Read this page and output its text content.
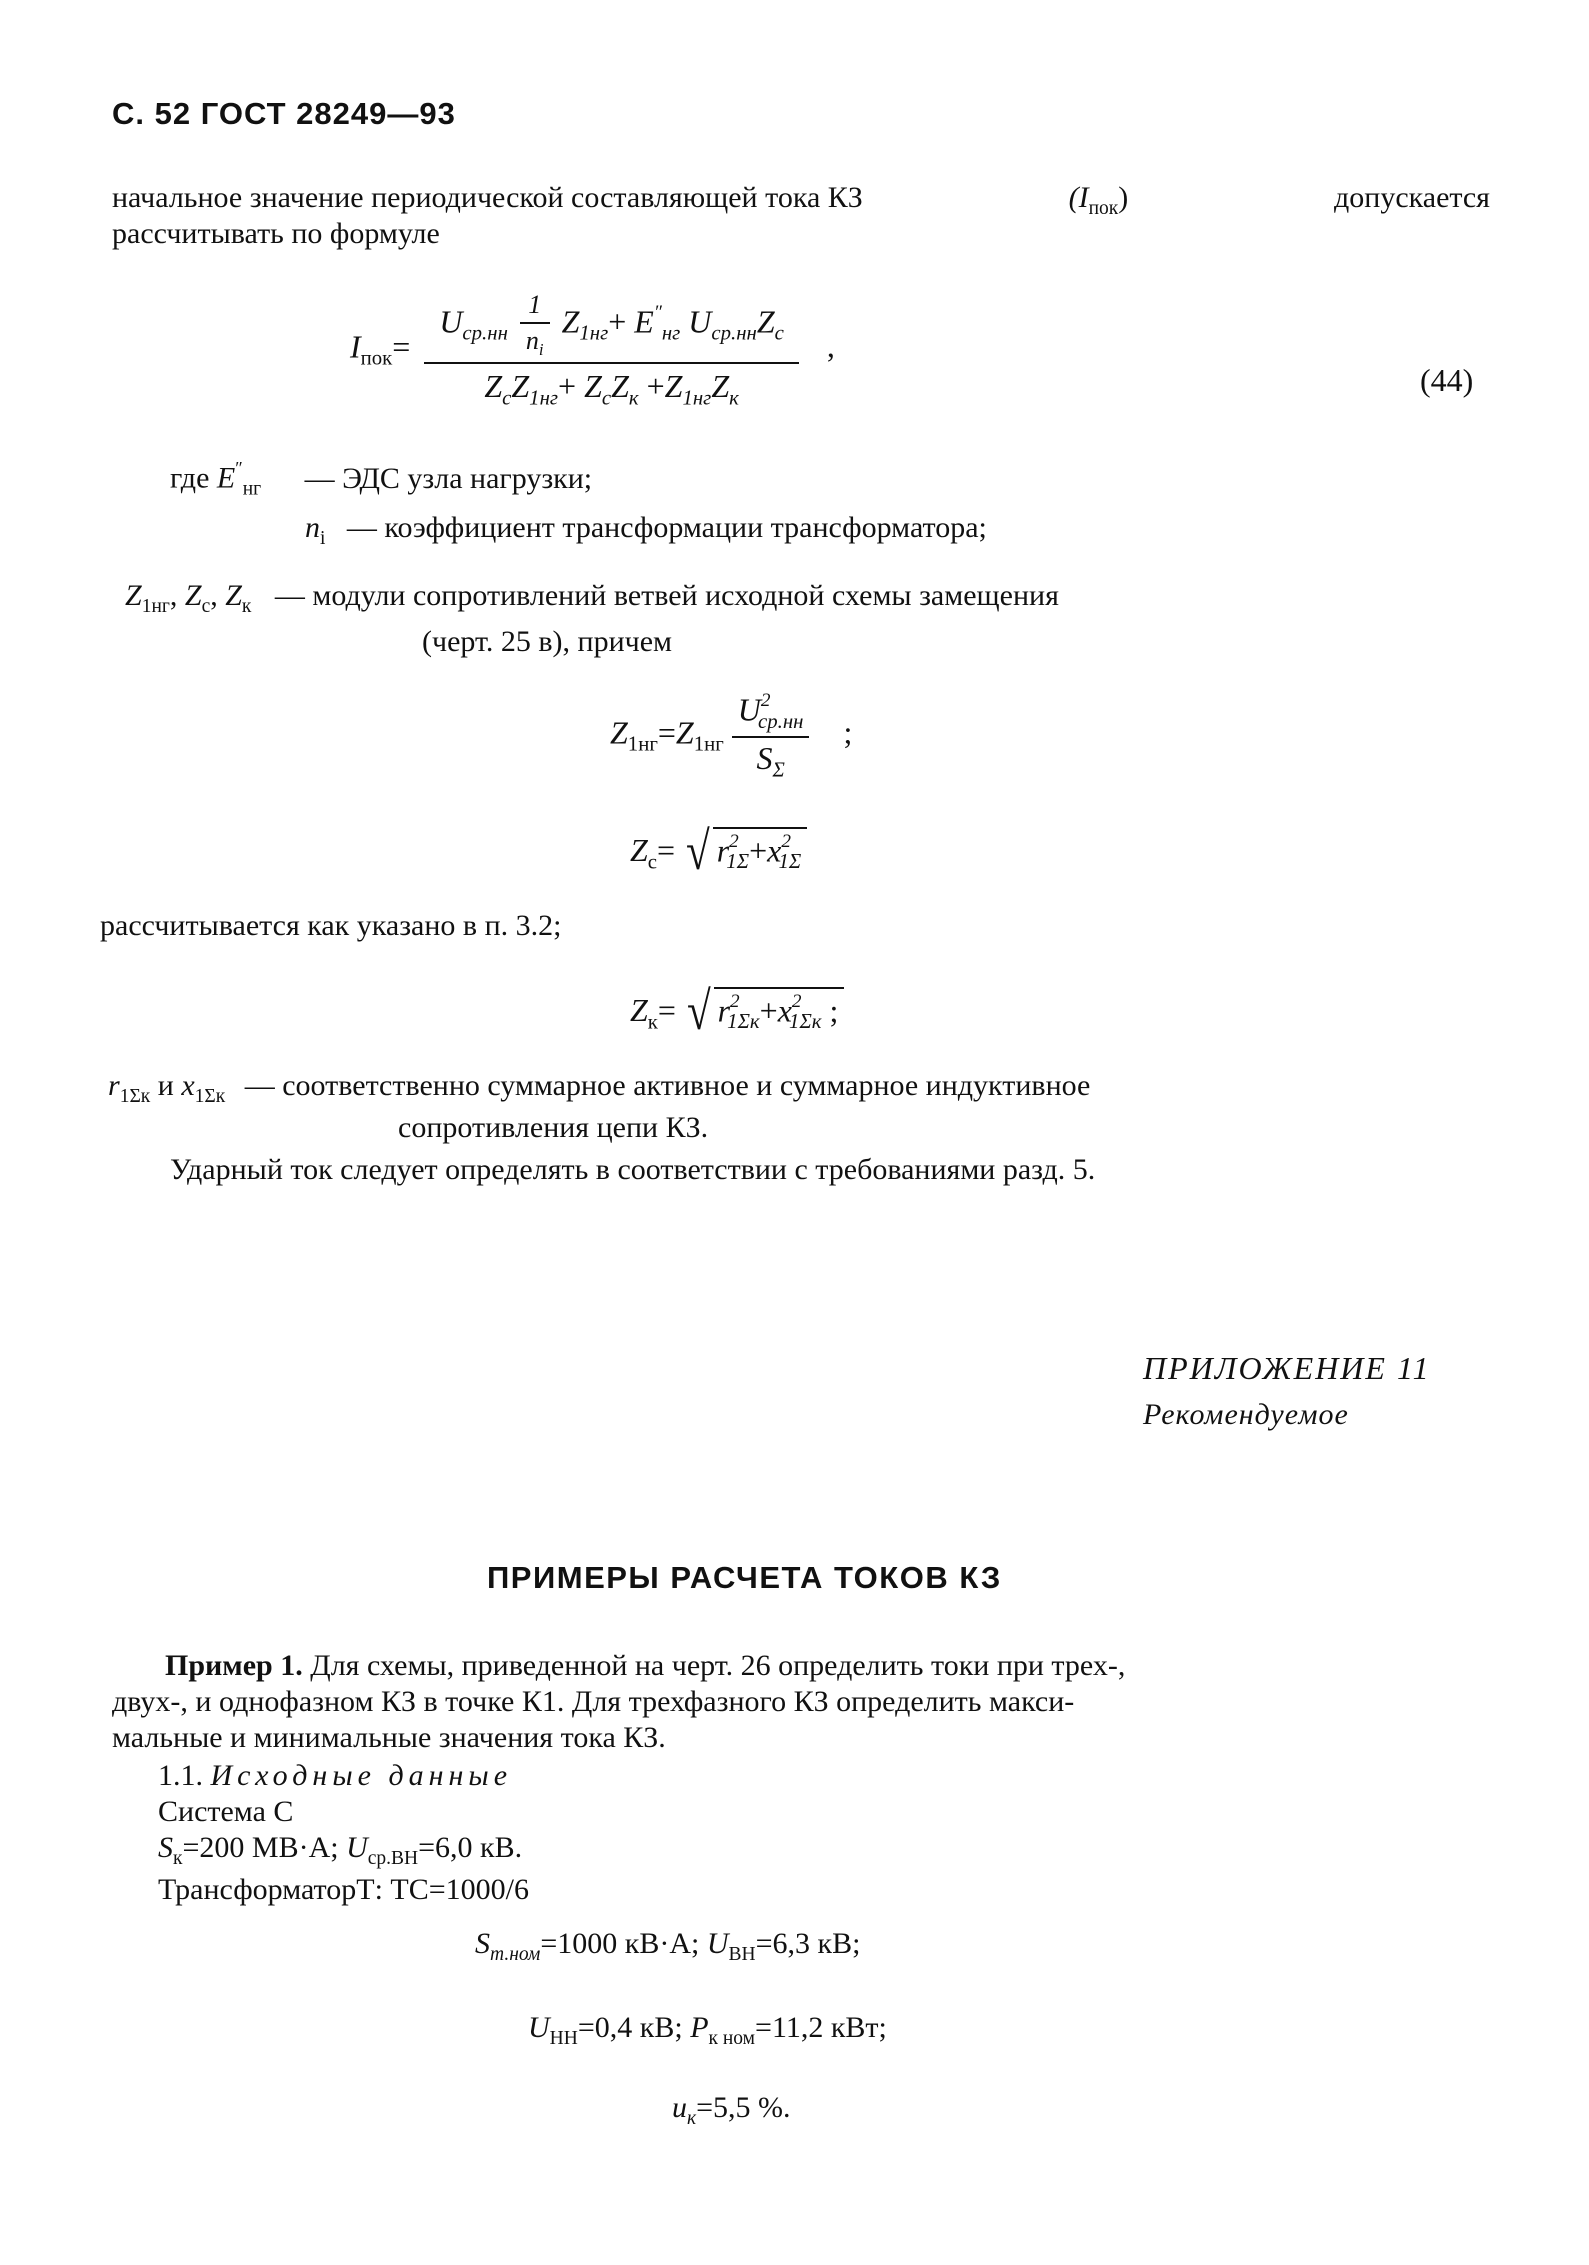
С. 52 ГОСТ 28249—93
начальное значение периодической составляющей тока КЗ	$(I_{пок})$	допускается
рассчитывать по формуле
$I_{пок}= \frac{U_{ср.нн} \frac{1}{n_i} Z_{1нг}+ E''_{нг} U_{ср.нн}Z_с}{Z_сZ_{1нг}+ Z_сZ_к +Z_{1нг}Z_к}$ ,
(44)
где $E''_{нг}$ — ЭДС узла нагрузки;
$n_i$ — коэффициент трансформации трансформатора;
$Z_{1нг}$, $Z_с$, $Z_к$ — модули сопротивлений ветвей исходной схемы замещения
(черт. 25 в), причем
$Z_{1нг}=Z_{1нг} \frac{U^2_{ср.нн}}{S_\Sigma}$ ;
$Z_с=$ √ $r^2_{1\Sigma}+x^2_{1\Sigma}$
рассчитывается как указано в п. 3.2;
$Z_к=$ √ $r^2_{1\Sigma к}+x^2_{1\Sigma к}$ ;
$r_{1\Sigma к}$ и $x_{1\Sigma к}$ — соответственно суммарное активное и суммарное индуктивное
сопротивления цепи КЗ.
Ударный ток следует определять в соответствии с требованиями разд. 5.
ПРИЛОЖЕНИЕ 11
Рекомендуемое
ПРИМЕРЫ РАСЧЕТА ТОКОВ КЗ
Пример 1. Для схемы, приведенной на черт. 26 определить токи при трех-,
двух-, и однофазном КЗ в точке К1. Для трехфазного КЗ определить макси-
мальные и минимальные значения тока КЗ.
1.1. Исходные данные
Система С
$S_к=200$ МВ·А; $U_{ср.ВН}=6,0$ кВ.
ТрансформаторТ: ТС=1000/6
$S_{т.ном}=1000$ кВ·А; $U_{ВН}=6,3$ кВ;
$U_{НН}=0,4$ кВ; $P_{к ном}=11,2$ кВт;
$u_к=5,5$ %.
